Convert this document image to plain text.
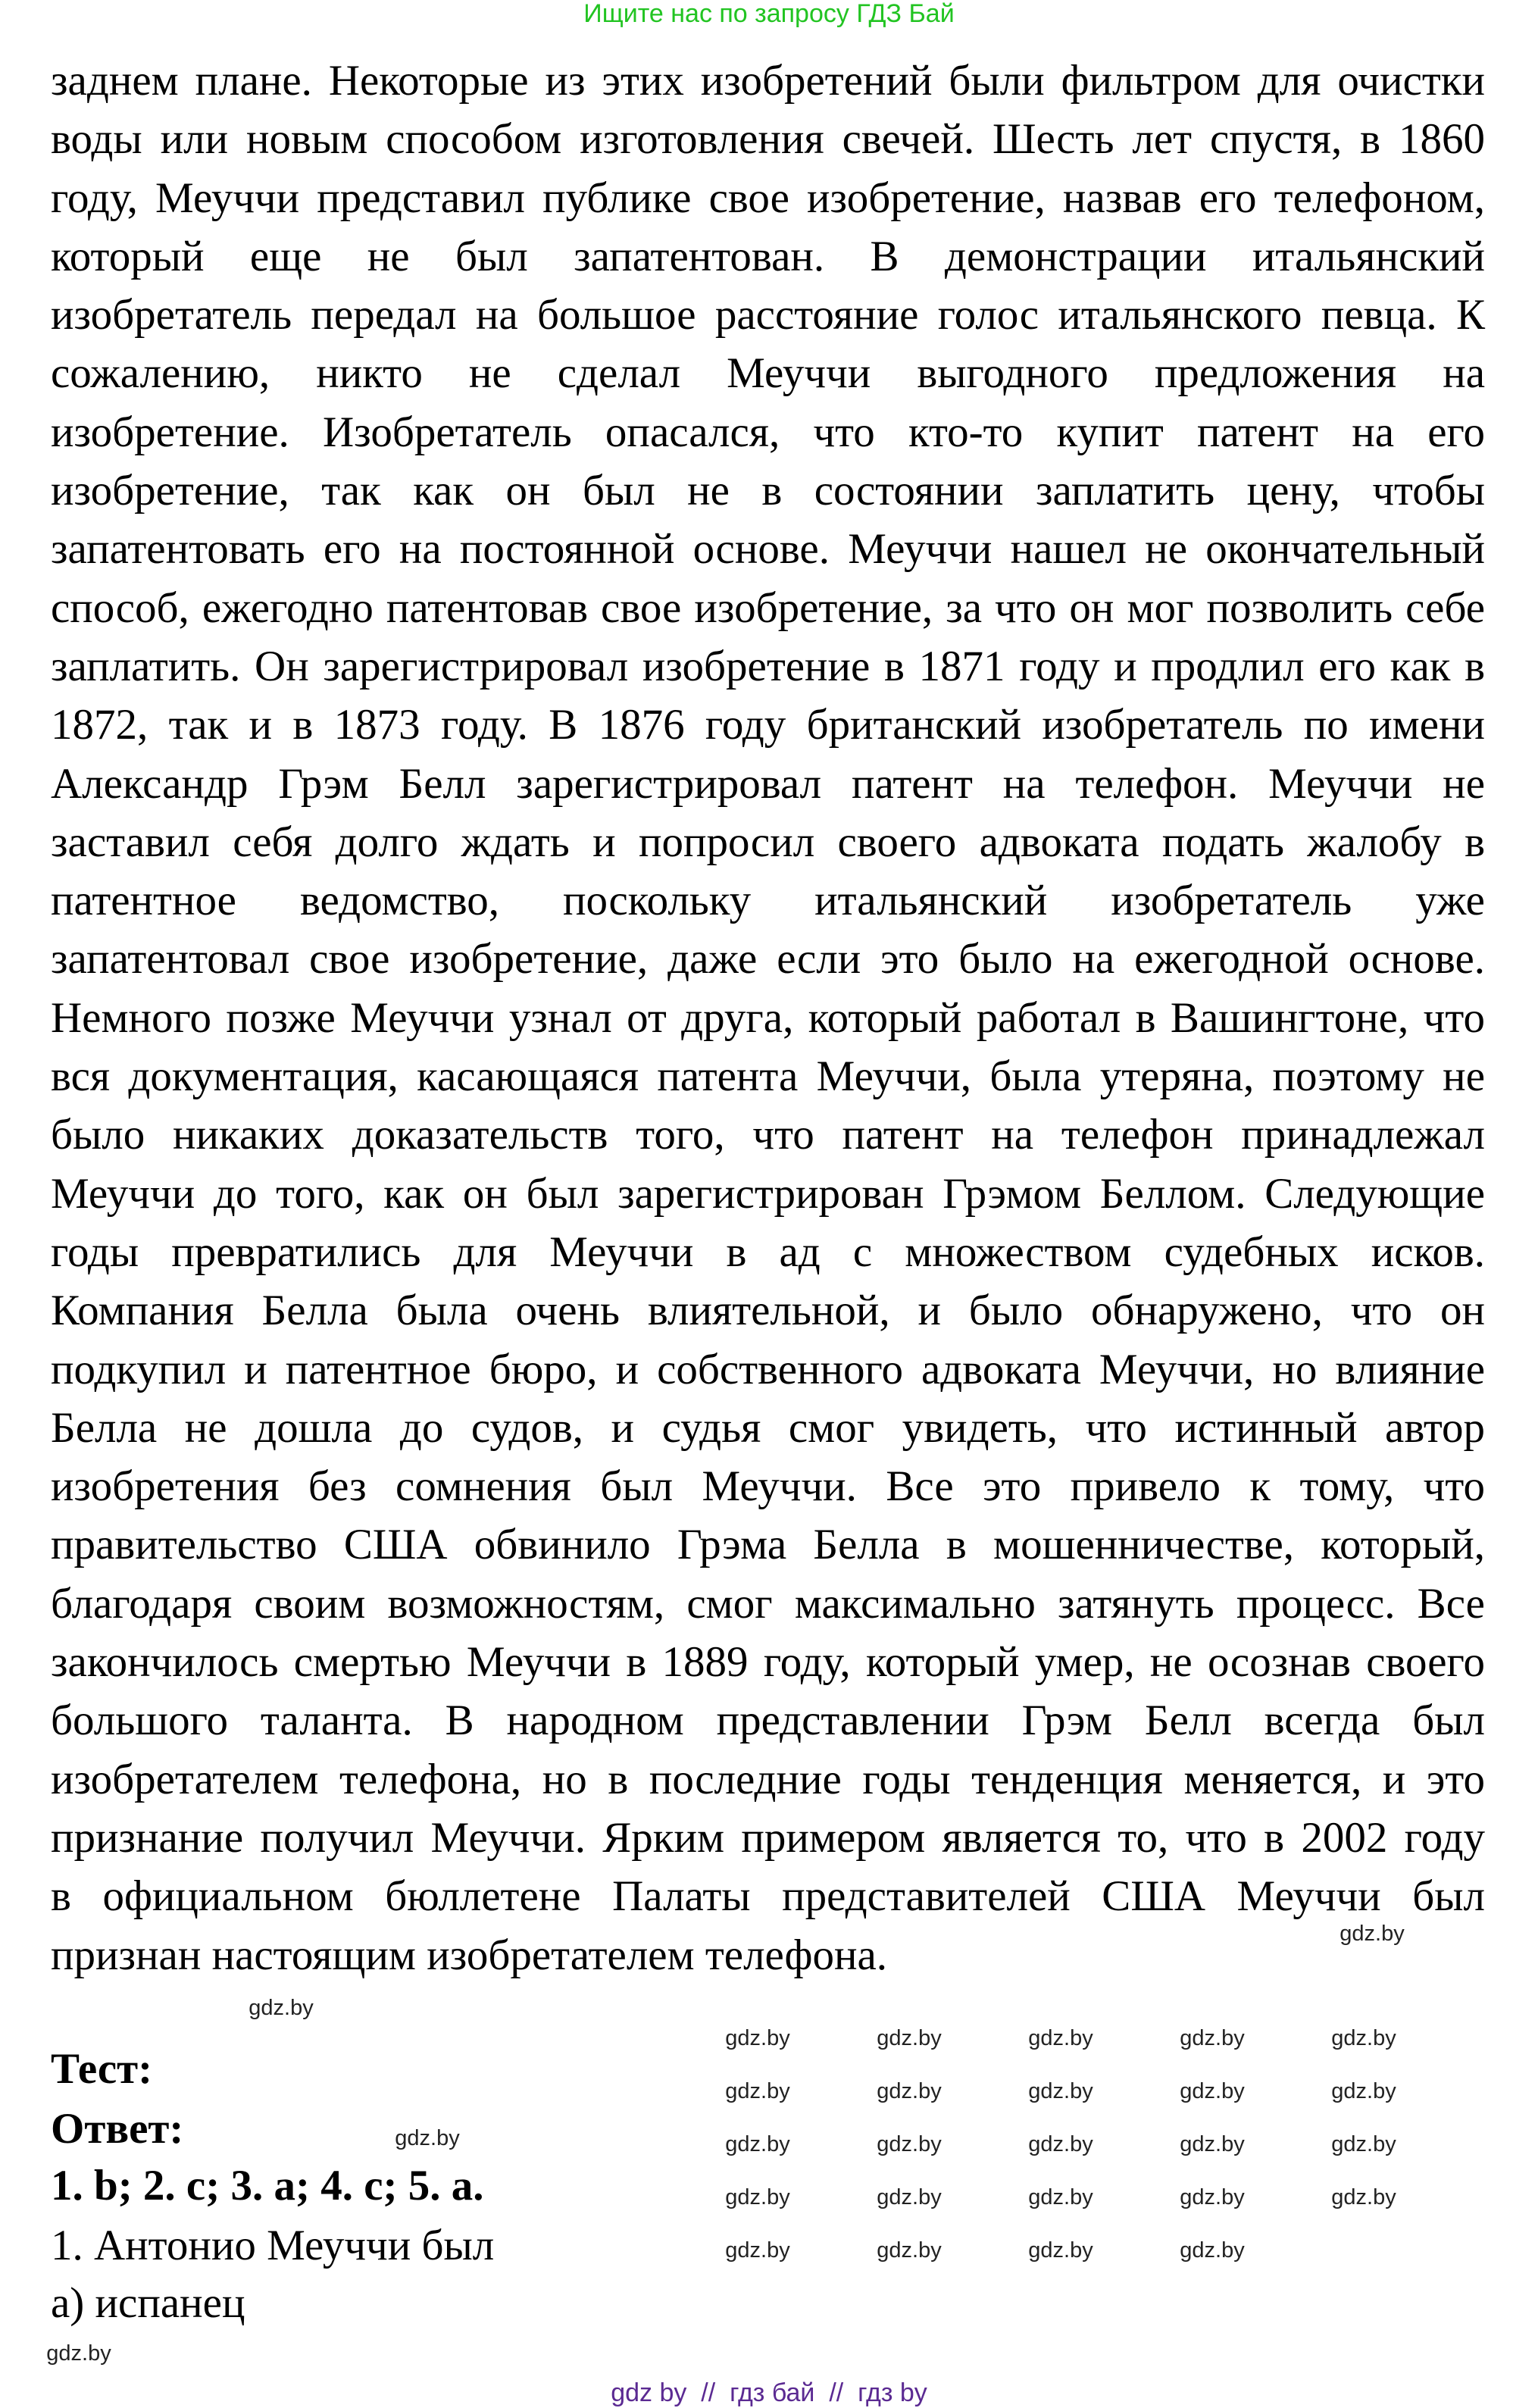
Ищите нас по запросу ГДЗ Бай
заднем плане. Некоторые из этих изобретений были фильтром для очистки
воды или новым способом изготовления свечей. Шесть лет спустя, в 1860
году, Меуччи представил публике свое изобретение, назвав его телефоном,
который еще не был запатентован. В демонстрации итальянский
изобретатель передал на большое расстояние голос итальянского певца. К
сожалению, никто не сделал Меуччи выгодного предложения на
изобретение. Изобретатель опасался, что кто-то купит патент на его
изобретение, так как он был не в состоянии заплатить цену, чтобы
запатентовать его на постоянной основе. Меуччи нашел не окончательный
способ, ежегодно патентовав свое изобретение, за что он мог позволить себе
заплатить. Он зарегистрировал изобретение в 1871 году и продлил его как в
1872, так и в 1873 году. В 1876 году британский изобретатель по имени
Александр Грэм Белл зарегистрировал патент на телефон. Меуччи не
заставил себя долго ждать и попросил своего адвоката подать жалобу в
патентное ведомство, поскольку итальянский изобретатель уже
запатентовал свое изобретение, даже если это было на ежегодной основе.
Немного позже Меуччи узнал от друга, который работал в Вашингтоне, что
вся документация, касающаяся патента Меуччи, была утеряна, поэтому не
было никаких доказательств того, что патент на телефон принадлежал
Меуччи до того, как он был зарегистрирован Грэмом Беллом. Следующие
годы превратились для Меуччи в ад с множеством судебных исков.
Компания Белла была очень влиятельной, и было обнаружено, что он
подкупил и патентное бюро, и собственного адвоката Меуччи, но влияние
Белла не дошла до судов, и судья смог увидеть, что истинный автор
изобретения без сомнения был Меуччи. Все это привело к тому, что
правительство США обвинило Грэма Белла в мошенничестве, который,
благодаря своим возможностям, смог максимально затянуть процесс. Все
закончилось смертью Меуччи в 1889 году, который умер, не осознав своего
большого таланта. В народном представлении Грэм Белл всегда был
изобретателем телефона, но в последние годы тенденция меняется, и это
признание получил Меуччи. Ярким примером является то, что в 2002 году
в официальном бюллетене Палаты представителей США Меуччи был
признан настоящим изобретателем телефона.
Тест:
Ответ:
1. b; 2. c; 3. a; 4. c; 5. a.
1. Антонио Меуччи был
а) испанец
gdz.by
gdz.by
gdz.by
gdz.by
gdz.by	gdz.by	gdz.by	gdz.by	gdz.by
gdz.by	gdz.by	gdz.by	gdz.by	gdz.by
gdz.by	gdz.by	gdz.by	gdz.by	gdz.by
gdz.by	gdz.by	gdz.by	gdz.by	gdz.by
gdz.by	gdz.by	gdz.by	gdz.by
gdz by  //  гдз бай  //  гдз by
